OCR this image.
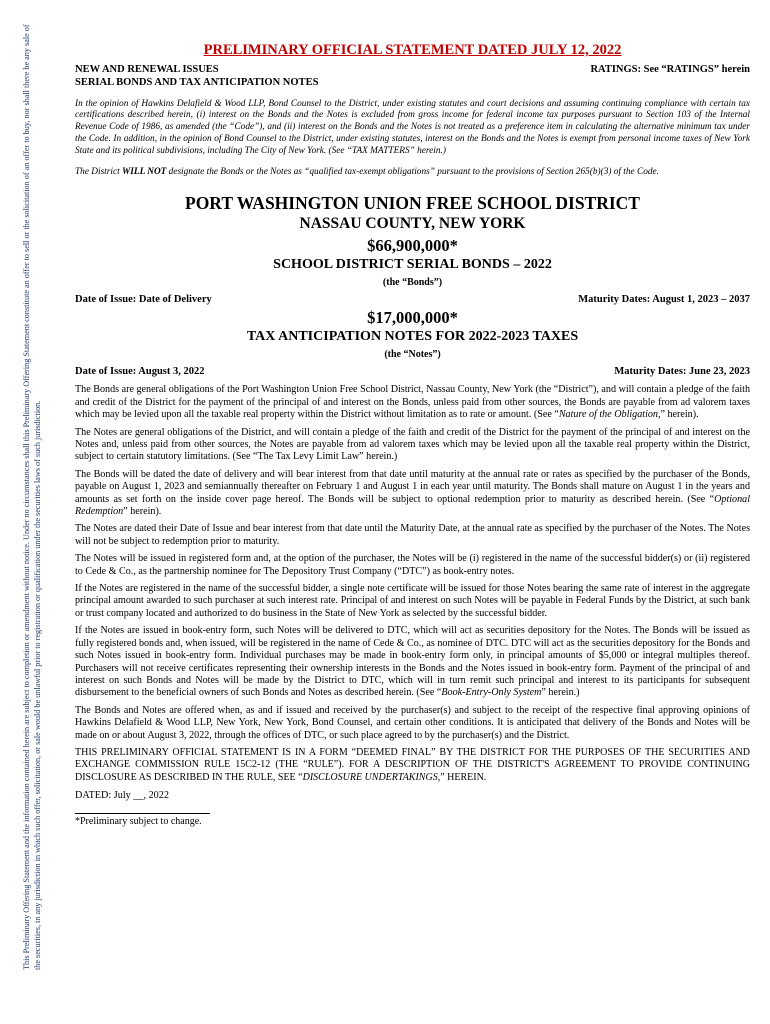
This Preliminary Offering Statement and the information contained herein are subject to completion or amendment without notice. Under no circumstances shall this Preliminary Offering Statement constitute an offer to sell or the solicitation of an offer to buy, nor shall there be any sale of the securities, in any jurisdiction in which such offer, solicitation, or sale would be unlawful prior to registration or qualification under the securities laws of such jurisdiction.
PRELIMINARY OFFICIAL STATEMENT DATED JULY 12, 2022
NEW AND RENEWAL ISSUES	RATINGS: See “RATINGS” herein
SERIAL BONDS AND TAX ANTICIPATION NOTES
In the opinion of Hawkins Delafield & Wood LLP, Bond Counsel to the District, under existing statutes and court decisions and assuming continuing compliance with certain tax certifications described herein, (i) interest on the Bonds and the Notes is excluded from gross income for federal income tax purposes pursuant to Section 103 of the Internal Revenue Code of 1986, as amended (the “Code”), and (ii) interest on the Bonds and the Notes is not treated as a preference item in calculating the alternative minimum tax under the Code. In addition, in the opinion of Bond Counsel to the District, under existing statutes, interest on the Bonds and the Notes is exempt from personal income taxes of New York State and its political subdivisions, including The City of New York. (See “TAX MATTERS” herein.)
The District WILL NOT designate the Bonds or the Notes as “qualified tax-exempt obligations” pursuant to the provisions of Section 265(b)(3) of the Code.
PORT WASHINGTON UNION FREE SCHOOL DISTRICT
NASSAU COUNTY, NEW YORK
$66,900,000*
SCHOOL DISTRICT SERIAL BONDS – 2022
(the “Bonds”)
Date of Issue: Date of Delivery	Maturity Dates: August 1, 2023 – 2037
$17,000,000*
TAX ANTICIPATION NOTES FOR 2022-2023 TAXES
(the “Notes”)
Date of Issue: August 3, 2022	Maturity Dates: June 23, 2023

The Bonds are general obligations of the Port Washington Union Free School District, Nassau County, New York (the “District”), and will contain a pledge of the faith and credit of the District for the payment of the principal of and interest on the Bonds, unless paid from other sources, the Bonds are payable from ad valorem taxes which may be levied upon all the taxable real property within the District without limitation as to rate or amount. (See “Nature of the Obligation,” herein).

The Notes are general obligations of the District, and will contain a pledge of the faith and credit of the District for the payment of the principal of and interest on the Notes and, unless paid from other sources, the Notes are payable from ad valorem taxes which may be levied upon all the taxable real property within the District, subject to certain statutory limitations. (See “The Tax Levy Limit Law” herein.)

The Bonds will be dated the date of delivery and will bear interest from that date until maturity at the annual rate or rates as specified by the purchaser of the Bonds, payable on August 1, 2023 and semiannually thereafter on February 1 and August 1 in each year until maturity. The Bonds shall mature on August 1 in the years and amounts as set forth on the inside cover page hereof. The Bonds will be subject to optional redemption prior to maturity as described herein. (See “Optional Redemption” herein).

The Notes are dated their Date of Issue and bear interest from that date until the Maturity Date, at the annual rate as specified by the purchaser of the Notes. The Notes will not be subject to redemption prior to maturity.

The Notes will be issued in registered form and, at the option of the purchaser, the Notes will be (i) registered in the name of the successful bidder(s) or (ii) registered to Cede & Co., as the partnership nominee for The Depository Trust Company (“DTC”) as book-entry notes.

If the Notes are registered in the name of the successful bidder, a single note certificate will be issued for those Notes bearing the same rate of interest in the aggregate principal amount awarded to such purchaser at such interest rate. Principal of and interest on such Notes will be payable in Federal Funds by the District, at such bank or trust company located and authorized to do business in the State of New York as selected by the successful bidder.

If the Notes are issued in book-entry form, such Notes will be delivered to DTC, which will act as securities depository for the Notes. The Bonds will be issued as fully registered bonds and, when issued, will be registered in the name of Cede & Co., as nominee of DTC. DTC will act as the securities depository for the Bonds and such Notes issued in book-entry form. Individual purchases may be made in book-entry form only, in principal amounts of $5,000 or integral multiples thereof. Purchasers will not receive certificates representing their ownership interests in the Bonds and the Notes issued in book-entry form. Payment of the principal of and interest on such Bonds and Notes will be made by the District to DTC, which will in turn remit such principal and interest to its participants for subsequent disbursement to the beneficial owners of such Bonds and Notes as described herein. (See “Book-Entry-Only System” herein.)

The Bonds and Notes are offered when, as and if issued and received by the purchaser(s) and subject to the receipt of the respective final approving opinions of Hawkins Delafield & Wood LLP, New York, New York, Bond Counsel, and certain other conditions. It is anticipated that delivery of the Bonds and Notes will be made on or about August 3, 2022, through the offices of DTC, or such place agreed to by the purchaser(s) and the District.

THIS PRELIMINARY OFFICIAL STATEMENT IS IN A FORM “DEEMED FINAL” BY THE DISTRICT FOR THE PURPOSES OF THE SECURITIES AND EXCHANGE COMMISSION RULE 15C2-12 (THE “RULE”). FOR A DESCRIPTION OF THE DISTRICT'S AGREEMENT TO PROVIDE CONTINUING DISCLOSURE AS DESCRIBED IN THE RULE, SEE “DISCLOSURE UNDERTAKINGS,” HEREIN.

DATED: July __, 2022
*Preliminary subject to change.
